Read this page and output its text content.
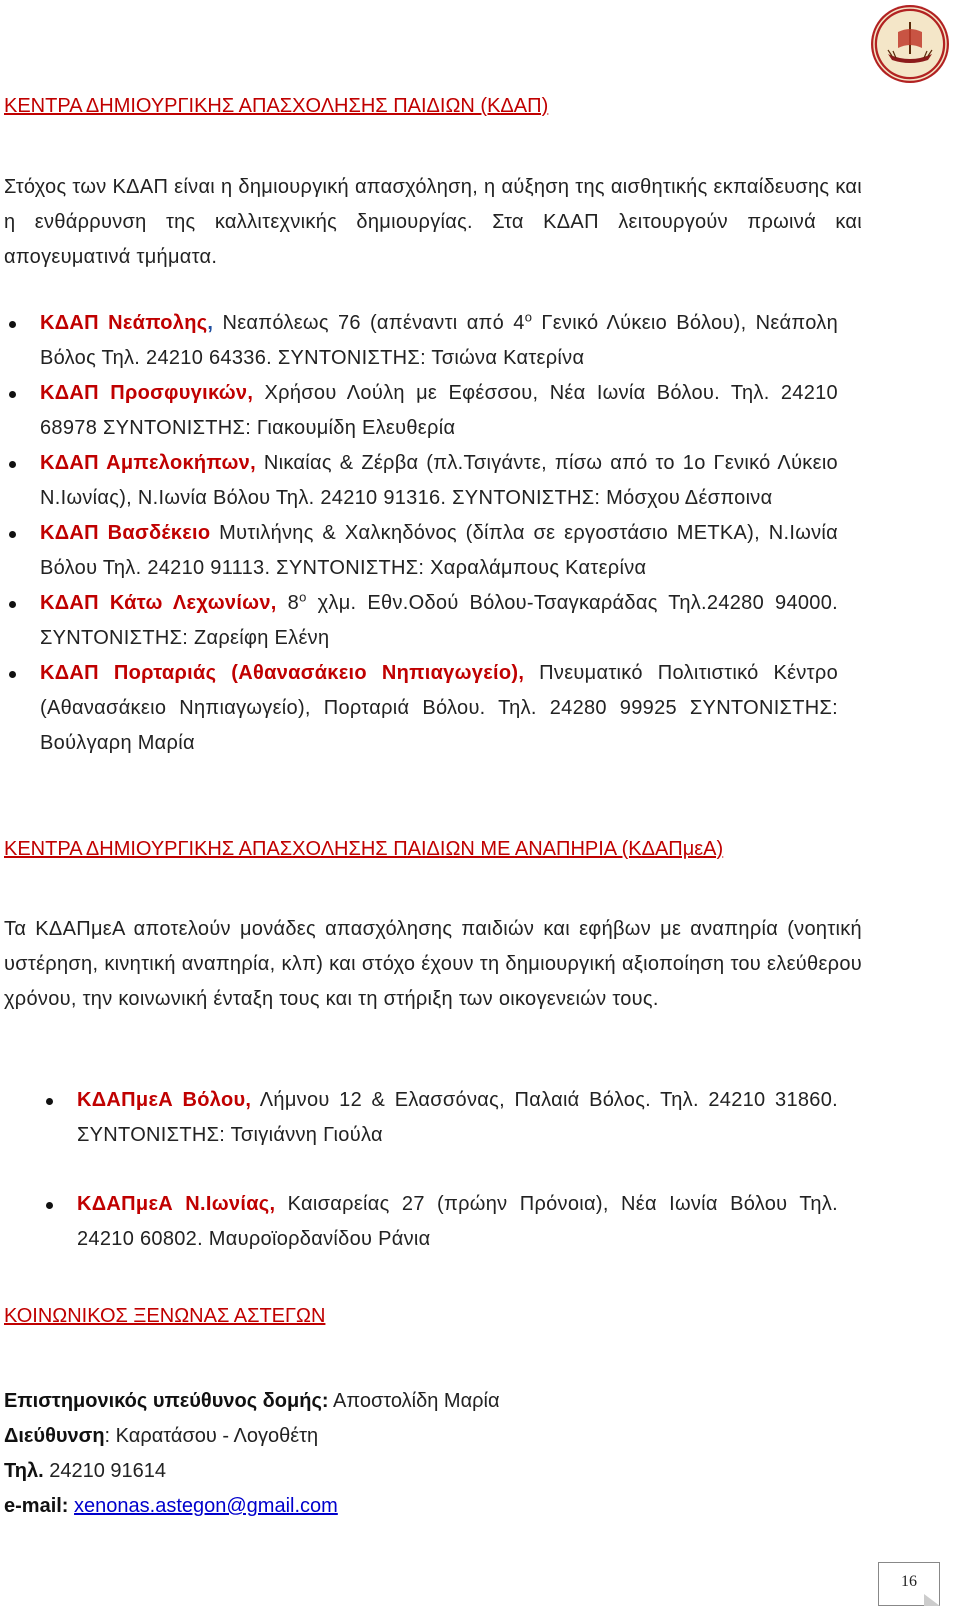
ΚΕΝΤΡΑ ΔΗΜΙΟΥΡΓΙΚΗΣ ΑΠΑΣΧΟΛΗΣΗΣ ΠΑΙΔΙΩΝ (ΚΔΑΠ)

Στόχος των ΚΔΑΠ είναι η δημιουργική απασχόληση, η αύξηση της αισθητικής εκπαίδευσης και η ενθάρρυνση της καλλιτεχνικής δημιουργίας. Στα ΚΔΑΠ λειτουργούν πρωινά και απογευματινά τμήματα.

ΚΔΑΠ Νεάπολης, Νεαπόλεως 76 (απέναντι από $4^o$ Γενικό Λύκειο Βόλου), Νεάπολη Βόλος Τηλ. 24210 64336. ΣΥΝΤΟΝΙΣΤΗΣ: Τσιώνα Κατερίνα
ΚΔΑΠ Προσφυγικών, Χρήσου Λούλη με Εφέσσου, Νέα Ιωνία Βόλου. Τηλ. 24210 68978 ΣΥΝΤΟΝΙΣΤΗΣ: Γιακουμίδη Ελευθερία
ΚΔΑΠ Αμπελοκήπων, Νικαίας & Ζέρβα (πλ.Τσιγάντε, πίσω από το 1ο Γενικό Λύκειο Ν.Ιωνίας), Ν.Ιωνία Βόλου Τηλ. 24210 91316. ΣΥΝΤΟΝΙΣΤΗΣ: Μόσχου Δέσποινα
ΚΔΑΠ Βασδέκειο Μυτιλήνης & Χαλκηδόνος (δίπλα σε εργοστάσιο ΜΕΤΚΑ), Ν.Ιωνία Βόλου Τηλ. 24210 91113. ΣΥΝΤΟΝΙΣΤΗΣ: Χαραλάμπους Κατερίνα
ΚΔΑΠ Κάτω Λεχωνίων, $8^o$ χλμ. Εθν.Οδού Βόλου-Τσαγκαράδας Τηλ.24280 94000. ΣΥΝΤΟΝΙΣΤΗΣ: Ζαρείφη Ελένη
ΚΔΑΠ Πορταριάς (Αθανασάκειο Νηπιαγωγείο), Πνευματικό Πολιτιστικό Κέντρο (Αθανασάκειο Νηπιαγωγείο), Πορταριά Βόλου. Τηλ. 24280 99925 ΣΥΝΤΟΝΙΣΤΗΣ: Βούλγαρη Μαρία
ΚΕΝΤΡΑ ΔΗΜΙΟΥΡΓΙΚΗΣ ΑΠΑΣΧΟΛΗΣΗΣ ΠΑΙΔΙΩΝ ΜΕ ΑΝΑΠΗΡΙΑ (ΚΔΑΠμεΑ)

Τα ΚΔΑΠμεΑ αποτελούν μονάδες απασχόλησης παιδιών και εφήβων με αναπηρία (νοητική υστέρηση, κινητική αναπηρία, κλπ) και στόχο έχουν τη δημιουργική αξιοποίηση του ελεύθερου χρόνου, την κοινωνική ένταξη τους και τη στήριξη των οικογενειών τους.

ΚΔΑΠμεΑ Βόλου, Λήμνου 12 & Ελασσόνας, Παλαιά Βόλος. Τηλ. 24210 31860. ΣΥΝΤΟΝΙΣΤΗΣ: Τσιγιάννη Γιούλα
ΚΔΑΠμεΑ Ν.Ιωνίας, Καισαρείας 27 (πρώην Πρόνοια), Νέα Ιωνία Βόλου Τηλ. 24210 60802. Μαυροϊορδανίδου Ράνια
ΚΟΙΝΩΝΙΚΟΣ ΞΕΝΩΝΑΣ ΑΣΤΕΓΩΝ
Επιστημονικός υπεύθυνος δομής: Αποστολίδη Μαρία
Διεύθυνση: Καρατάσου - Λογοθέτη
Τηλ. 24210 91614
e-mail: xenonas.astegon@gmail.com
16
